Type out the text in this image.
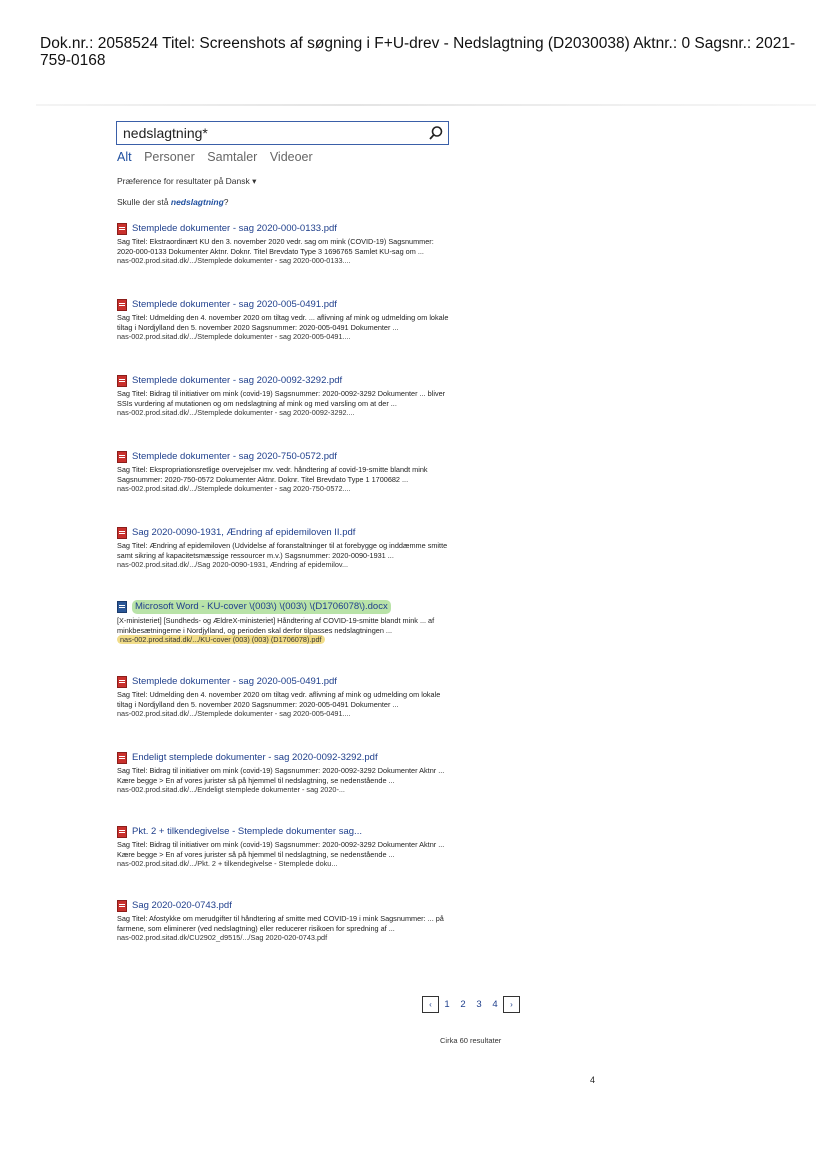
Dok.nr.: 2058524 Titel: Screenshots af søgning i F+U-drev - Nedslagtning (D2030038) Aktnr.: 0 Sagsnr.: 2021-759-0168
nedslagtning*
Alt Personer Samtaler Videoer
Præference for resultater på Dansk ▾
Skulle der stå nedslagtning?
Stemplede dokumenter - sag 2020-000-0133.pdf
Sag Titel: Ekstraordinært KU den 3. november 2020 vedr. sag om mink (COVID-19) Sagsnummer: 2020-000-0133 Dokumenter Aktnr. Doknr. Titel Brevdato Type 3 1696765 Samlet KU-sag om ...
nas-002.prod.sitad.dk/.../Stemplede dokumenter - sag 2020-000-0133....
Stemplede dokumenter - sag 2020-005-0491.pdf
Sag Titel: Udmelding den 4. november 2020 om tiltag vedr. ... aflivning af mink og udmelding om lokale tiltag i Nordjylland den 5. november 2020 Sagsnummer: 2020-005-0491 Dokumenter ...
nas-002.prod.sitad.dk/.../Stemplede dokumenter - sag 2020-005-0491....
Stemplede dokumenter - sag 2020-0092-3292.pdf
Sag Titel: Bidrag til initiativer om mink (covid-19) Sagsnummer: 2020-0092-3292 Dokumenter ... bliver SSIs vurdering af mutationen og om nedslagtning af mink og med varsling om at der ...
nas-002.prod.sitad.dk/.../Stemplede dokumenter - sag 2020-0092-3292....
Stemplede dokumenter - sag 2020-750-0572.pdf
Sag Titel: Ekspropriationsretlige overvejelser mv. vedr. håndtering af covid-19-smitte blandt mink Sagsnummer: 2020-750-0572 Dokumenter Aktnr. Doknr. Titel Brevdato Type 1 1700682 ...
nas-002.prod.sitad.dk/.../Stemplede dokumenter - sag 2020-750-0572....
Sag 2020-0090-1931, Ændring af epidemiloven II.pdf
Sag Titel: Ændring af epidemiloven (Udvidelse af foranstaltninger til at forebygge og inddæmme smitte samt sikring af kapacitetsmæssige ressourcer m.v.) Sagsnummer: 2020-0090-1931 ...
nas-002.prod.sitad.dk/.../Sag 2020-0090-1931, Ændring af epidemilov...
Microsoft Word - KU-cover \(003\) \(003\) \(D1706078\).docx
[X-ministeriet] [Sundheds- og ÆldreX-ministeriet] Håndtering af COVID-19-smitte blandt mink ... af minkbesætningerne i Nordjylland, og perioden skal derfor tilpasses nedslagtningen ...
nas-002.prod.sitad.dk/.../KU-cover (003) (003) (D1706078).pdf
Stemplede dokumenter - sag 2020-005-0491.pdf
Sag Titel: Udmelding den 4. november 2020 om tiltag vedr. aflivning af mink og udmelding om lokale tiltag i Nordjylland den 5. november 2020 Sagsnummer: 2020-005-0491 Dokumenter ...
nas-002.prod.sitad.dk/.../Stemplede dokumenter - sag 2020-005-0491....
Endeligt stemplede dokumenter - sag 2020-0092-3292.pdf
Sag Titel: Bidrag til initiativer om mink (covid-19) Sagsnummer: 2020-0092-3292 Dokumenter Aktnr ... Kære begge > En af vores jurister så på hjemmel til nedslagtning, se nedenstående ...
nas-002.prod.sitad.dk/.../Endeligt stemplede dokumenter - sag 2020-...
Pkt. 2 + tilkendegivelse - Stemplede dokumenter sag...
Sag Titel: Bidrag til initiativer om mink (covid-19) Sagsnummer: 2020-0092-3292 Dokumenter Aktnr ... Kære begge > En af vores jurister så på hjemmel til nedslagtning, se nedenstående ...
nas-002.prod.sitad.dk/.../Pkt. 2 + tilkendegivelse - Stemplede doku...
Sag 2020-020-0743.pdf
Sag Titel: Afostykke om merudgifter til håndtering af smitte med COVID-19 i mink Sagsnummer: ... på farmene, som eliminerer (ved nedslagtning) eller reducerer risikoen for spredning af ...
nas-002.prod.sitad.dk/CU2902_d9515/.../Sag 2020-020-0743.pdf
‹	1	2	3	4	›
Cirka 60 resultater
4
